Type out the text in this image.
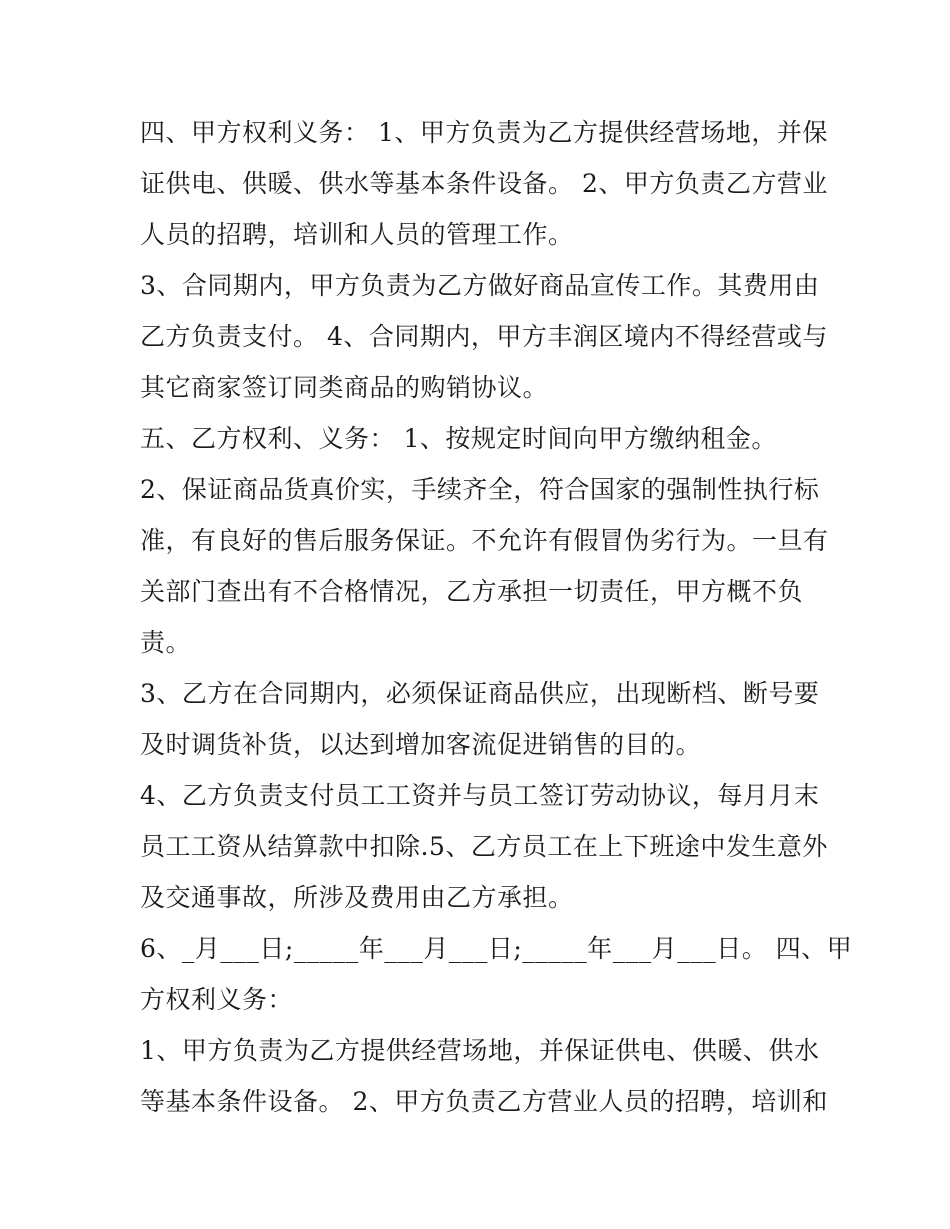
四、甲方权利义务： 1、甲方负责为乙方提供经营场地，并保
证供电、供暖、供水等基本条件设备。 2、甲方负责乙方营业
人员的招聘，培训和人员的管理工作。
3、合同期内，甲方负责为乙方做好商品宣传工作。其费用由
乙方负责支付。 4、合同期内，甲方丰润区境内不得经营或与
其它商家签订同类商品的购销协议。
五、乙方权利、义务： 1、按规定时间向甲方缴纳租金。
2、保证商品货真价实，手续齐全，符合国家的强制性执行标
准，有良好的售后服务保证。不允许有假冒伪劣行为。一旦有
关部门查出有不合格情况，乙方承担一切责任，甲方概不负
责。
3、乙方在合同期内，必须保证商品供应，出现断档、断号要
及时调货补货，以达到增加客流促进销售的目的。
4、乙方负责支付员工工资并与员工签订劳动协议，每月月末
员工工资从结算款中扣除.5、乙方员工在上下班途中发生意外
及交通事故，所涉及费用由乙方承担。
6、_月___日;_____年___月___日;_____年___月___日。 四、甲
方权利义务：
1、甲方负责为乙方提供经营场地，并保证供电、供暖、供水
等基本条件设备。 2、甲方负责乙方营业人员的招聘，培训和
